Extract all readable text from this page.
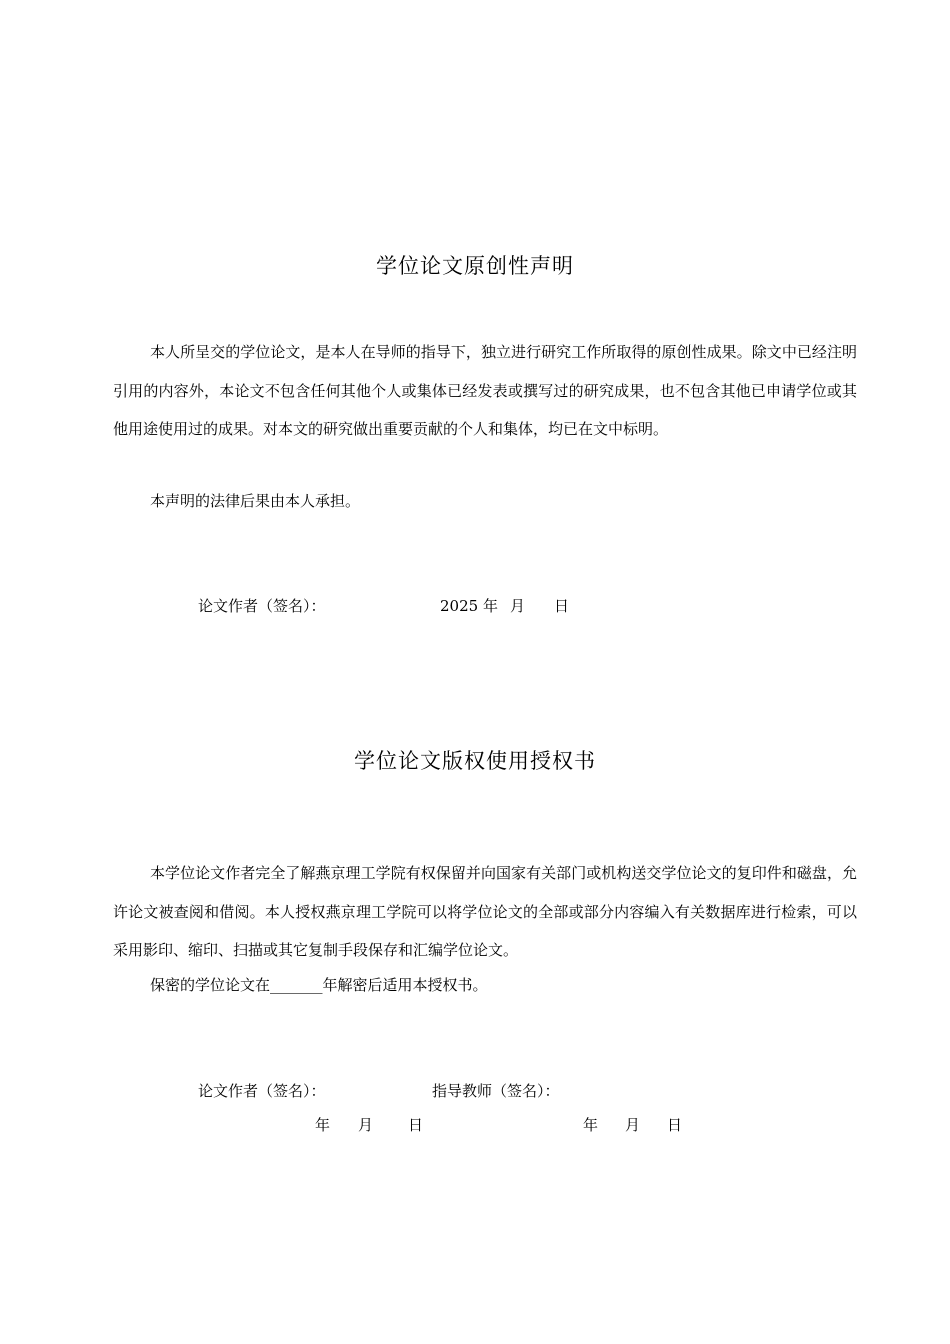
学位论文原创性声明
本人所呈交的学位论文，是本人在导师的指导下，独立进行研究工作所取得的原创性成果。除文中已经注明引用的内容外，本论文不包含任何其他个人或集体已经发表或撰写过的研究成果，也不包含其他已申请学位或其他用途使用过的成果。对本文的研究做出重要贡献的个人和集体，均已在文中标明。
本声明的法律后果由本人承担。
论文作者（签名）：	2025 年 月 日
学位论文版权使用授权书
本学位论文作者完全了解燕京理工学院有权保留并向国家有关部门或机构送交学位论文的复印件和磁盘，允许论文被查阅和借阅。本人授权燕京理工学院可以将学位论文的全部或部分内容编入有关数据库进行检索，可以采用影印、缩印、扫描或其它复制手段保存和汇编学位论文。
保密的学位论文在_______年解密后适用本授权书。
论文作者（签名）：	指导教师（签名）：
年 月 日	年 月 日
